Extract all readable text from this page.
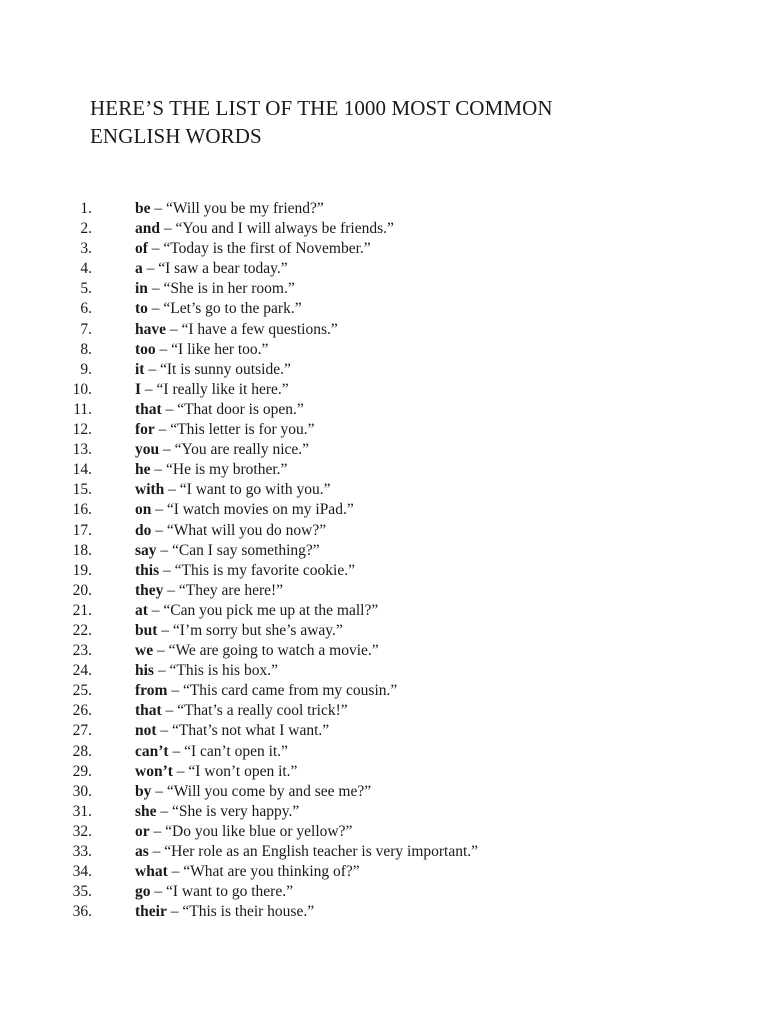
HERE’S THE LIST OF THE 1000 MOST COMMON
ENGLISH WORDS
1.	be – “Will you be my friend?”
2.	and – “You and I will always be friends.”
3.	of – “Today is the first of November.”
4.	a – “I saw a bear today.”
5.	in – “She is in her room.”
6.	to – “Let’s go to the park.”
7.	have – “I have a few questions.”
8.	too – “I like her too.”
9.	it – “It is sunny outside.”
10.	I – “I really like it here.”
11.	that – “That door is open.”
12.	for – “This letter is for you.”
13.	you – “You are really nice.”
14.	he – “He is my brother.”
15.	with – “I want to go with you.”
16.	on – “I watch movies on my iPad.”
17.	do – “What will you do now?”
18.	say – “Can I say something?”
19.	this – “This is my favorite cookie.”
20.	they – “They are here!”
21.	at – “Can you pick me up at the mall?”
22.	but – “I’m sorry but she’s away.”
23.	we – “We are going to watch a movie.”
24.	his – “This is his box.”
25.	from – “This card came from my cousin.”
26.	that – “That’s a really cool trick!”
27.	not – “That’s not what I want.”
28.	can’t – “I can’t open it.”
29.	won’t – “I won’t open it.”
30.	by – “Will you come by and see me?”
31.	she – “She is very happy.”
32.	or – “Do you like blue or yellow?”
33.	as – “Her role as an English teacher is very important.”
34.	what – “What are you thinking of?”
35.	go – “I want to go there.”
36.	their – “This is their house.”
